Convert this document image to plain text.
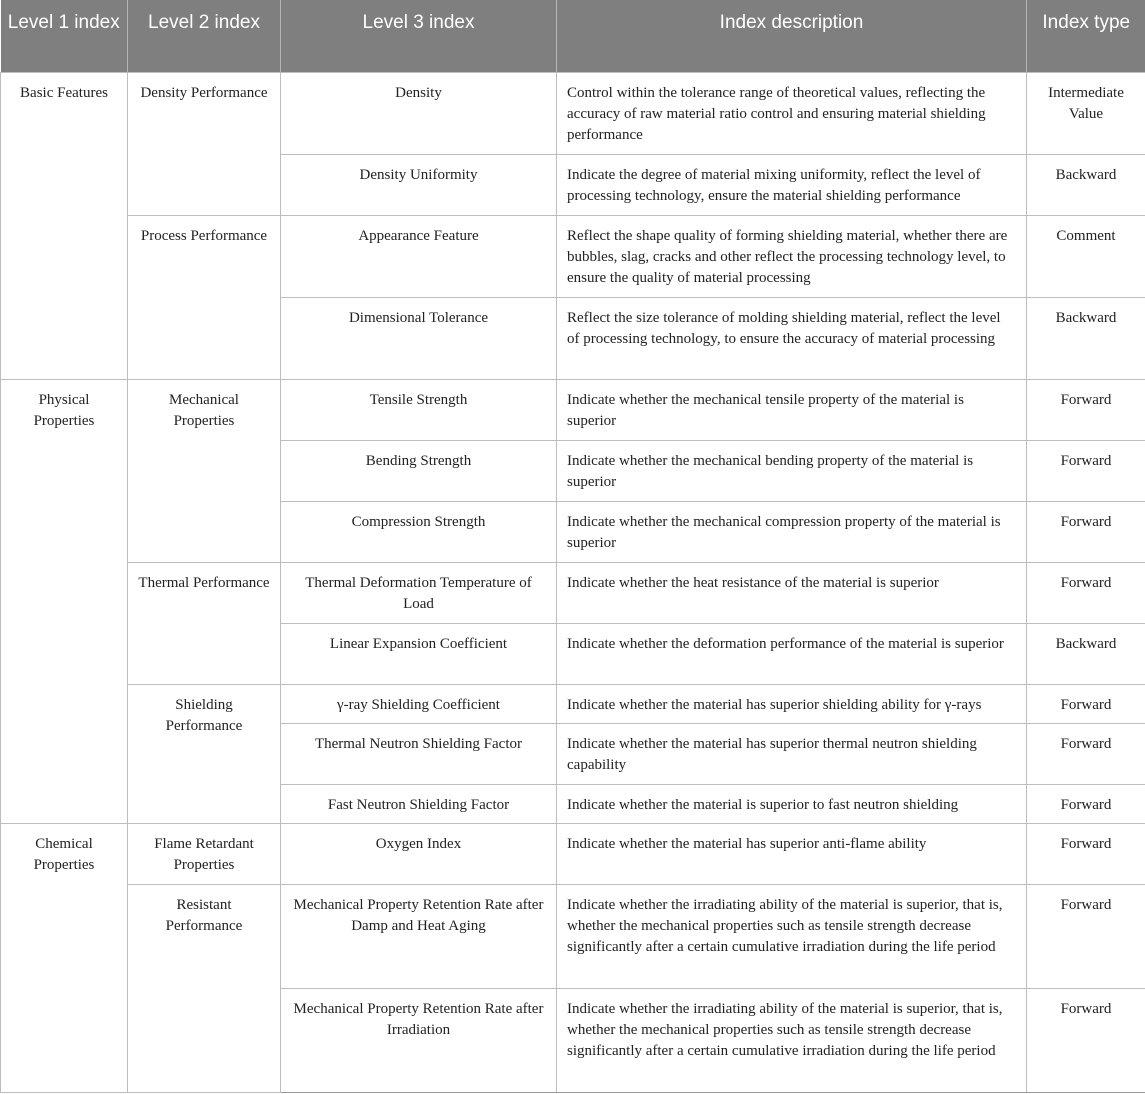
Level 1 index	Level 2 index	Level 3 index	Index description	Index type
Basic Features	Density Performance	Density	Control within the tolerance range of theoretical values, reflecting the accuracy of raw material ratio control and ensuring material shielding performance	Intermediate Value
		Density Uniformity	Indicate the degree of material mixing uniformity, reflect the level of processing technology, ensure the material shielding performance	Backward
	Process Performance	Appearance Feature	Reflect the shape quality of forming shielding material, whether there are bubbles, slag, cracks and other reflect the processing technology level, to ensure the quality of material processing	Comment
		Dimensional Tolerance	Reflect the size tolerance of molding shielding material, reflect the level of processing technology, to ensure the accuracy of material processing	Backward
Physical Properties	Mechanical Properties	Tensile Strength	Indicate whether the mechanical tensile property of the material is superior	Forward
		Bending Strength	Indicate whether the mechanical bending property of the material is superior	Forward
		Compression Strength	Indicate whether the mechanical compression property of the material is superior	Forward
	Thermal Performance	Thermal Deformation Temperature of Load	Indicate whether the heat resistance of the material is superior	Forward
		Linear Expansion Coefficient	Indicate whether the deformation performance of the material is superior	Backward
	Shielding Performance	γ-ray Shielding Coefficient	Indicate whether the material has superior shielding ability for γ-rays	Forward
		Thermal Neutron Shielding Factor	Indicate whether the material has superior thermal neutron shielding capability	Forward
		Fast Neutron Shielding Factor	Indicate whether the material is superior to fast neutron shielding	Forward
Chemical Properties	Flame Retardant Properties	Oxygen Index	Indicate whether the material has superior anti-flame ability	Forward
	Resistant Performance	Mechanical Property Retention Rate after Damp and Heat Aging	Indicate whether the irradiating ability of the material is superior, that is, whether the mechanical properties such as tensile strength decrease significantly after a certain cumulative irradiation during the life period	Forward
		Mechanical Property Retention Rate after Irradiation	Indicate whether the irradiating ability of the material is superior, that is, whether the mechanical properties such as tensile strength decrease significantly after a certain cumulative irradiation during the life period	Forward
